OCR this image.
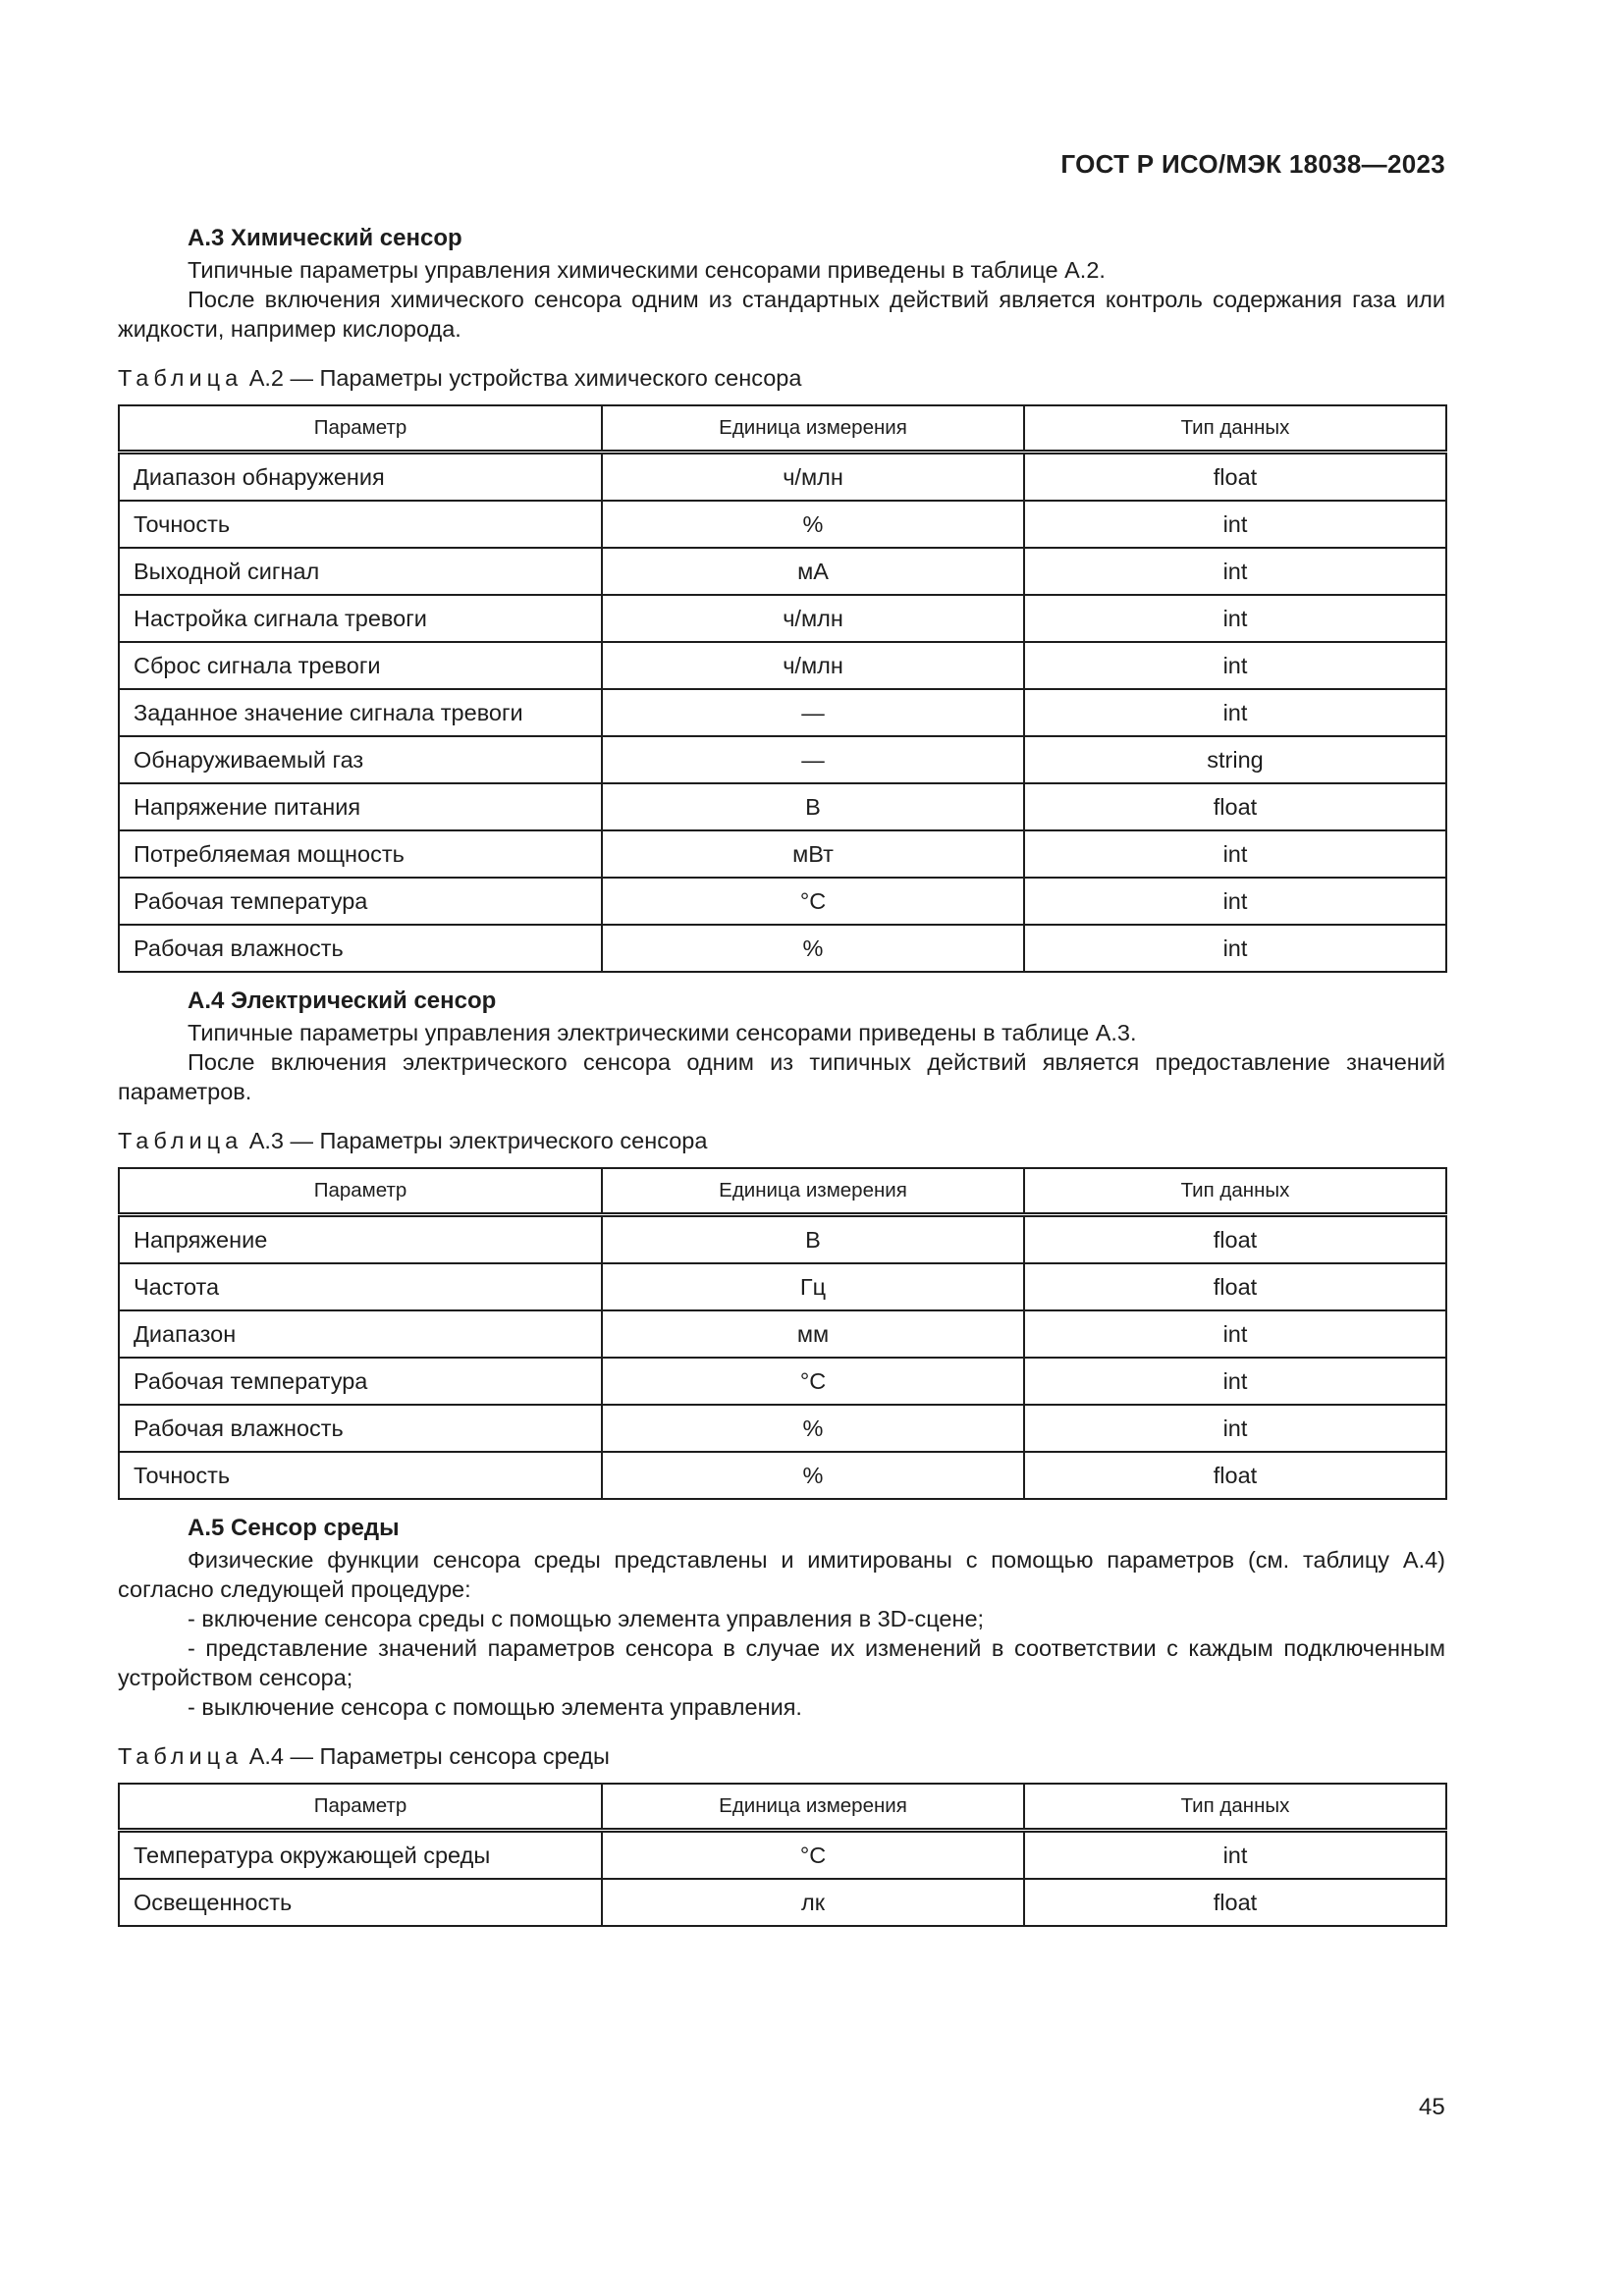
ГОСТ Р ИСО/МЭК 18038—2023
А.3 Химический сенсор

Типичные параметры управления химическими сенсорами приведены в таблице А.2.

После включения химического сенсора одним из стандартных действий является контроль содержания газа или жидкости, например кислорода.

Таблица А.2 — Параметры устройства химического сенсора
Параметр	Единица измерения	Тип данных
Диапазон обнаружения	ч/млн	float
Точность	%	int
Выходной сигнал	мА	int
Настройка сигнала тревоги	ч/млн	int
Сброс сигнала тревоги	ч/млн	int
Заданное значение сигнала тревоги	—	int
Обнаруживаемый газ	—	string
Напряжение питания	В	float
Потребляемая мощность	мВт	int
Рабочая температура	°С	int
Рабочая влажность	%	int
А.4 Электрический сенсор

Типичные параметры управления электрическими сенсорами приведены в таблице А.3.

После включения электрического сенсора одним из типичных действий является предоставление значений параметров.

Таблица А.3 — Параметры электрического сенсора
Параметр	Единица измерения	Тип данных
Напряжение	В	float
Частота	Гц	float
Диапазон	мм	int
Рабочая температура	°С	int
Рабочая влажность	%	int
Точность	%	float
А.5 Сенсор среды

Физические функции сенсора среды представлены и имитированы с помощью параметров (см. таблицу А.4) согласно следующей процедуре:

- включение сенсора среды с помощью элемента управления в 3D-сцене;

- представление значений параметров сенсора в случае их изменений в соответствии с каждым подключенным устройством сенсора;

- выключение сенсора с помощью элемента управления.

Таблица А.4 — Параметры сенсора среды
Параметр	Единица измерения	Тип данных
Температура окружающей среды	°С	int
Освещенность	лк	float
45
